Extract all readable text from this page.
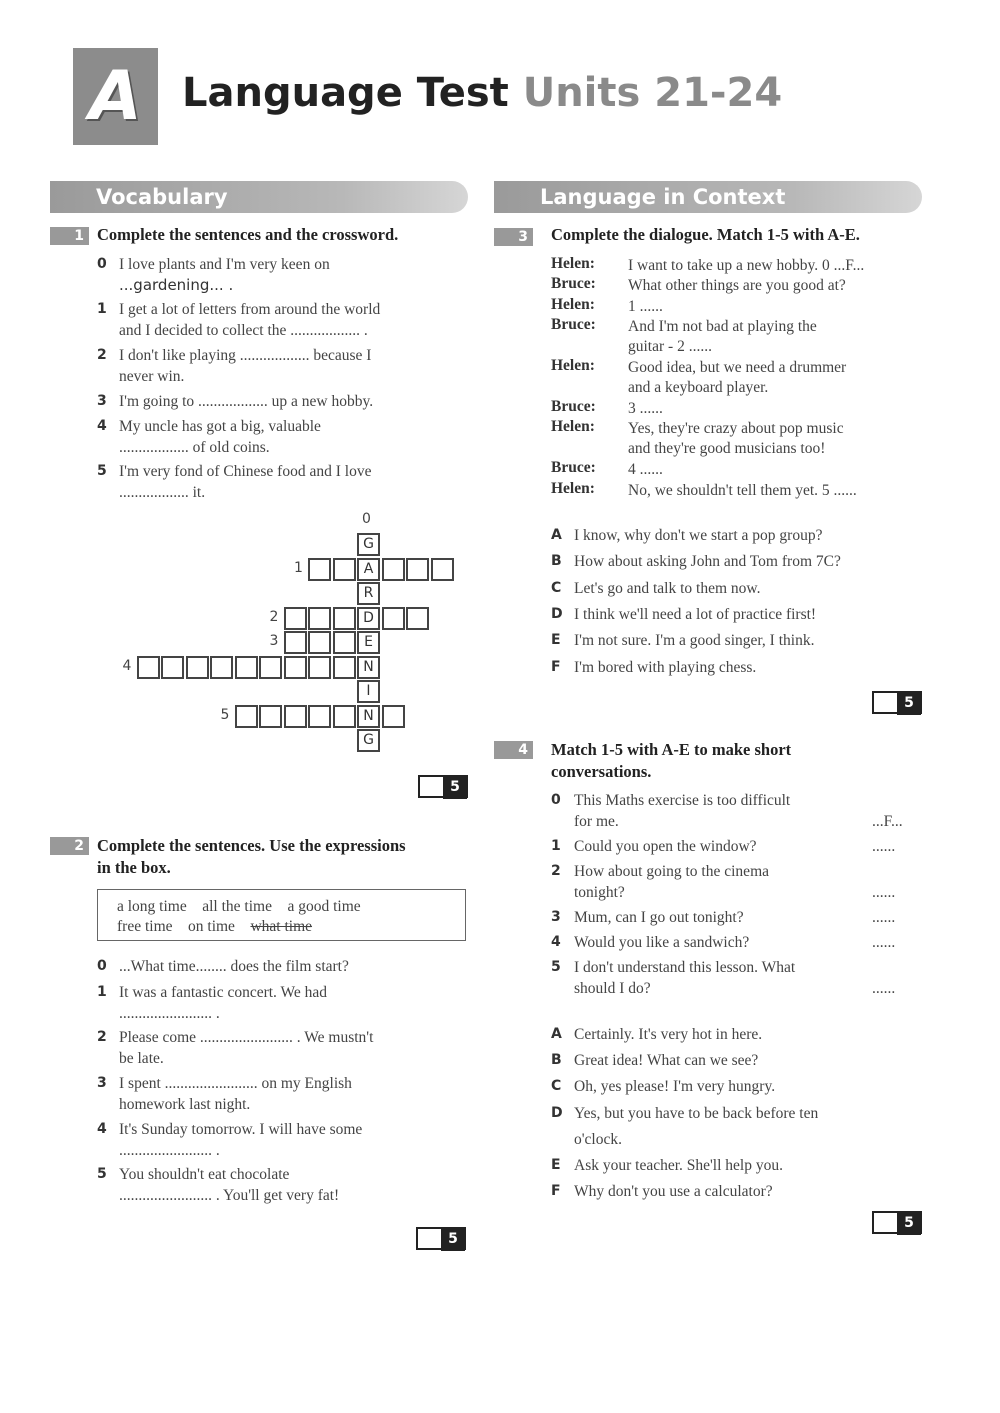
A	Language Test Units 21-24
Vocabulary
1 Complete the sentences and the crossword.
0 I love plants and I'm very keen on
...gardening... .
1 I get a lot of letters from around the world
and I decided to collect the .................. .
2 I don't like playing .................. because I
never win.
3 I'm going to .................. up a new hobby.
4 My uncle has got a big, valuable
.................. of old coins.
5 I'm very fond of Chinese food and I love
.................. it.
0
G
A
R
D
E
N
I
N
G
1
2
3
4
5
5
2 Complete the sentences. Use the expressions
in the box.
a long time all the time a good time
free time on time what time
0 ...What time........ does the film start?
1 It was a fantastic concert. We had
........................ .
2 Please come ........................ . We mustn't
be late.
3 I spent ........................ on my English
homework last night.
4 It's Sunday tomorrow. I will have some
........................ .
5 You shouldn't eat chocolate
........................ . You'll get very fat!
5
Language in Context
3	Complete the dialogue. Match 1-5 with A-E.
Helen: I want to take up a new hobby. 0 ...F...
Bruce: What other things are you good at?
Helen: 1 ......
Bruce: And I'm not bad at playing the
guitar - 2 ......
Helen: Good idea, but we need a drummer
and a keyboard player.
Bruce: 3 ......
Helen: Yes, they're crazy about pop music
and they're good musicians too!
Bruce: 4 ......
Helen: No, we shouldn't tell them yet. 5 ......
A I know, why don't we start a pop group?
B How about asking John and Tom from 7C?
C Let's go and talk to them now.
D I think we'll need a lot of practice first!
E I'm not sure. I'm a good singer, I think.
F I'm bored with playing chess.
5
4	Match 1-5 with A-E to make short
conversations.
0 This Maths exercise is too difficult
for me.	...F...
1 Could you open the window?	......
2 How about going to the cinema
tonight?	......
3 Mum, can I go out tonight?	......
4 Would you like a sandwich?	......
5 I don't understand this lesson. What
should I do?	......
A Certainly. It's very hot in here.
B Great idea! What can we see?
C Oh, yes please! I'm very hungry.
D Yes, but you have to be back before ten
o'clock.
E Ask your teacher. She'll help you.
F Why don't you use a calculator?
5
